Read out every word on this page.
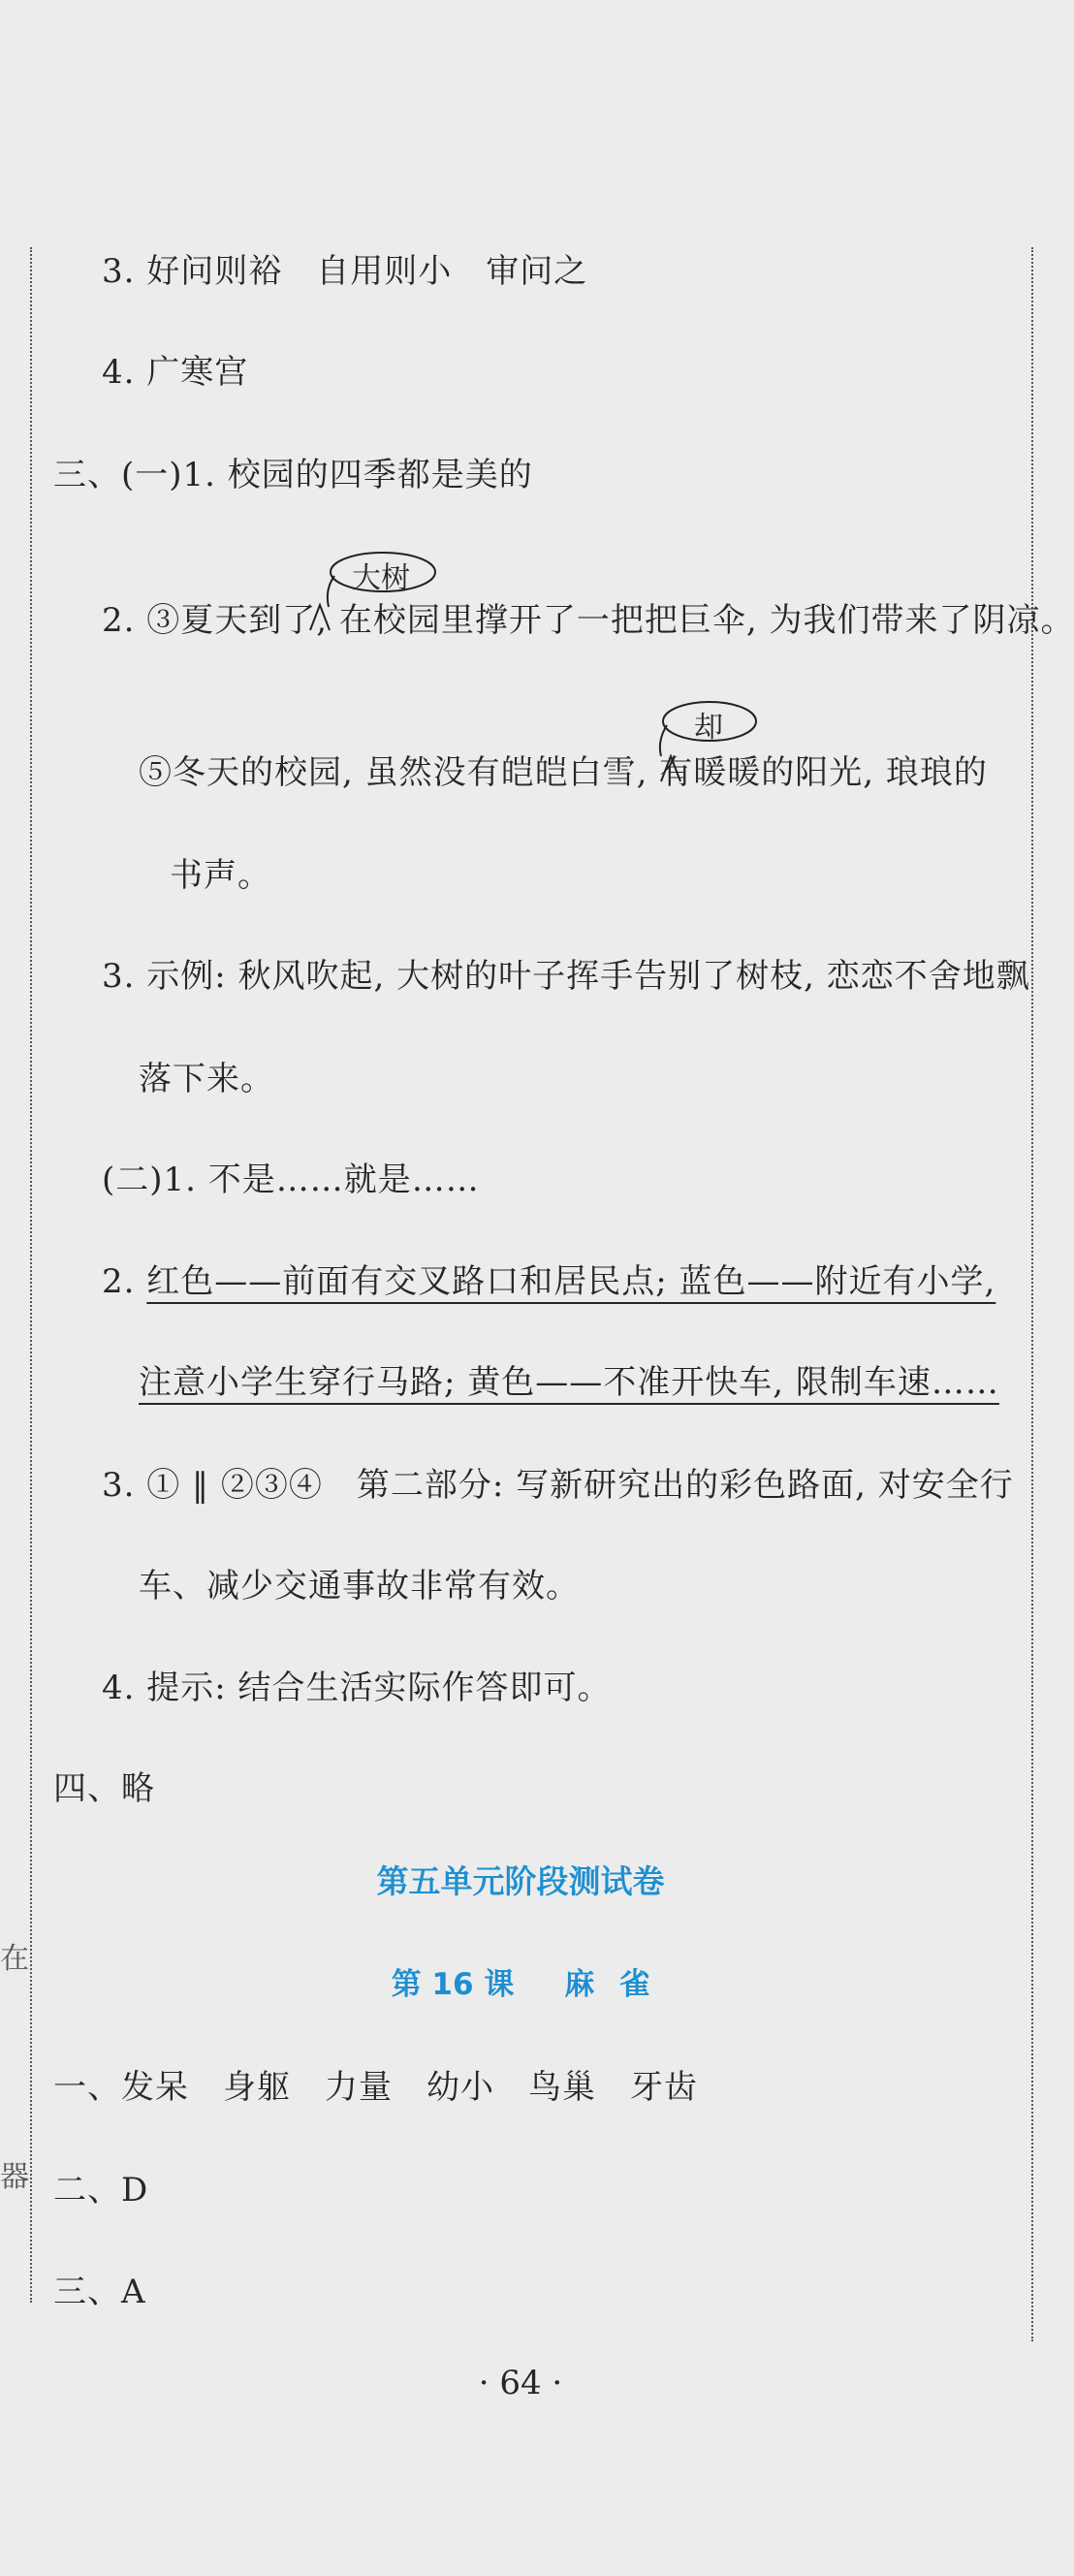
在
器
3. 好问则裕　自用则小　审问之
4. 广寒宫
三、(一)1. 校园的四季都是美的
大树
2. ③夏天到了, 在校园里撑开了一把把巨伞, 为我们带来了阴凉。
却
⑤冬天的校园, 虽然没有皑皑白雪, 有暖暖的阳光, 琅琅的
书声。
3. 示例: 秋风吹起, 大树的叶子挥手告别了树枝, 恋恋不舍地飘
落下来。
(二)1. 不是……就是……
2. 红色——前面有交叉路口和居民点; 蓝色——附近有小学,
注意小学生穿行马路; 黄色——不准开快车, 限制车速……
3. ① ‖ ②③④　第二部分: 写新研究出的彩色路面, 对安全行
车、减少交通事故非常有效。
4. 提示: 结合生活实际作答即可。
四、略
第五单元阶段测试卷
第 16 课 麻 雀
一、发呆　身躯　力量　幼小　鸟巢　牙齿
二、D
三、A
· 64 ·
